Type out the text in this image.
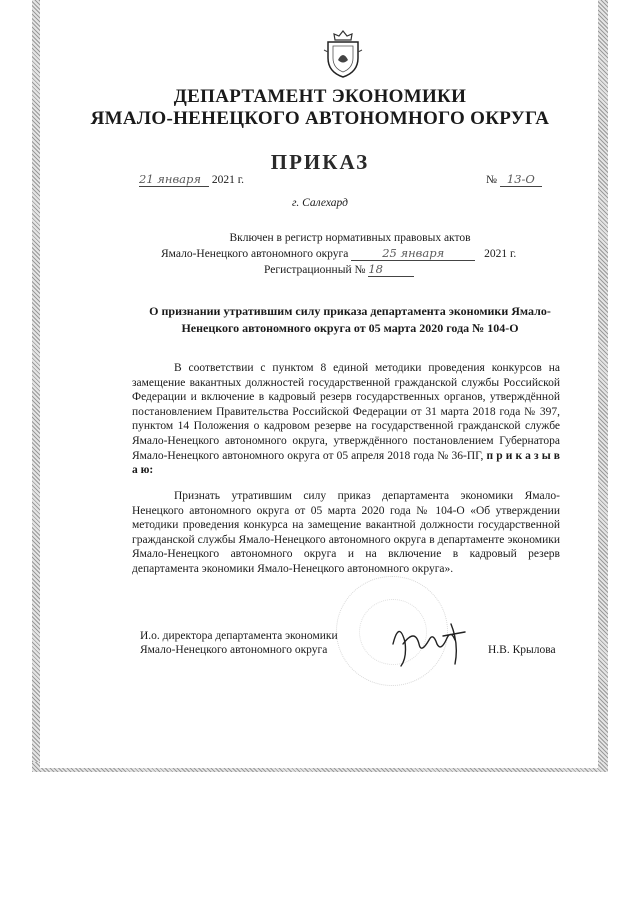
ДЕПАРТАМЕНТ ЭКОНОМИКИ
ЯМАЛО-НЕНЕЦКОГО АВТОНОМНОГО ОКРУГА
ПРИКАЗ
21 января 2021 г.	№ 13-О
г. Салехард
Включен в регистр нормативных правовых актов
Ямало-Ненецкого автономного округа	25 января	2021 г.
Регистрационный № 18
О признании утратившим силу приказа департамента экономики Ямало-Ненецкого автономного округа от 05 марта 2020 года № 104-О
В соответствии с пунктом 8 единой методики проведения конкурсов на замещение вакантных должностей государственной гражданской службы Российской Федерации и включение в кадровый резерв государственных органов, утверждённой постановлением Правительства Российской Федерации от 31 марта 2018 года № 397, пунктом 14 Положения о кадровом резерве на государственной гражданской службе Ямало-Ненецкого автономного округа, утверждённого постановлением Губернатора Ямало-Ненецкого автономного округа от 05 апреля 2018 года № 36-ПГ, п р и к а з ы в а ю:
Признать утратившим силу приказ департамента экономики Ямало-Ненецкого автономного округа от 05 марта 2020 года № 104-О «Об утверждении методики проведения конкурса на замещение вакантной должности государственной гражданской службы Ямало-Ненецкого автономного округа в департаменте экономики Ямало-Ненецкого автономного округа и на включение в кадровый резерв департамента экономики Ямало-Ненецкого автономного округа».
И.о. директора департамента экономики
Ямало-Ненецкого автономного округа	Н.В. Крылова
